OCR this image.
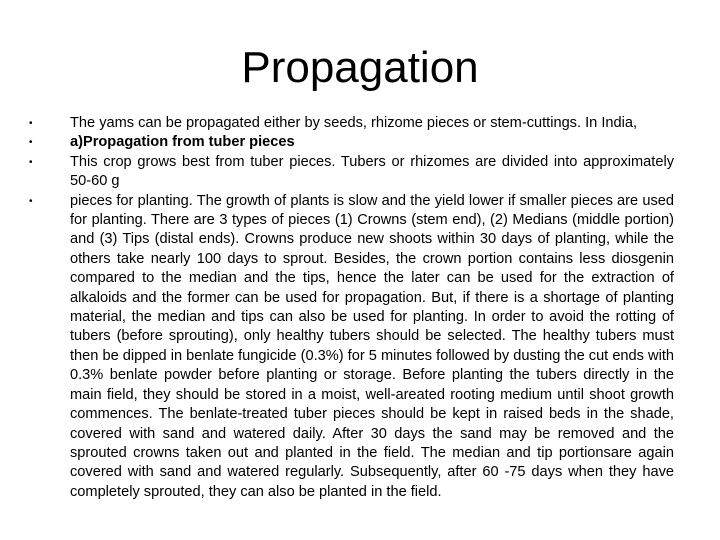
Propagation
•	The yams can be propagated either by seeds, rhizome pieces or stem-cuttings. In India,
•	a)Propagation from tuber pieces
•	This crop grows best from tuber pieces. Tubers or rhizomes are divided into approximately 50-60 g
•	pieces for planting. The growth of plants is slow and the yield lower if smaller pieces are used for planting. There are 3 types of pieces (1) Crowns (stem end), (2) Medians (middle portion) and (3) Tips (distal ends). Crowns produce new shoots within 30 days of planting, while the others take nearly 100 days to sprout. Besides, the crown portion contains less diosgenin compared to the median and the tips, hence the later can be used for the extraction of alkaloids and the former can be used for propagation. But, if there is a shortage of planting material, the median and tips can also be used for planting. In order to avoid the rotting of tubers (before sprouting), only healthy tubers should be selected. The healthy tubers must then be dipped in benlate fungicide (0.3%) for 5 minutes followed by dusting the cut ends with 0.3% benlate powder before planting or storage. Before planting the tubers directly in the main field, they should be stored in a moist, well-areated rooting medium until shoot growth commences. The benlate-treated tuber pieces should be kept in raised beds in the shade, covered with sand and watered daily. After 30 days the sand may be removed and the sprouted crowns taken out and planted in the field. The median and tip portionsare again covered with sand and watered regularly. Subsequently, after 60 -75 days when they have completely sprouted, they can also be planted in the field.
